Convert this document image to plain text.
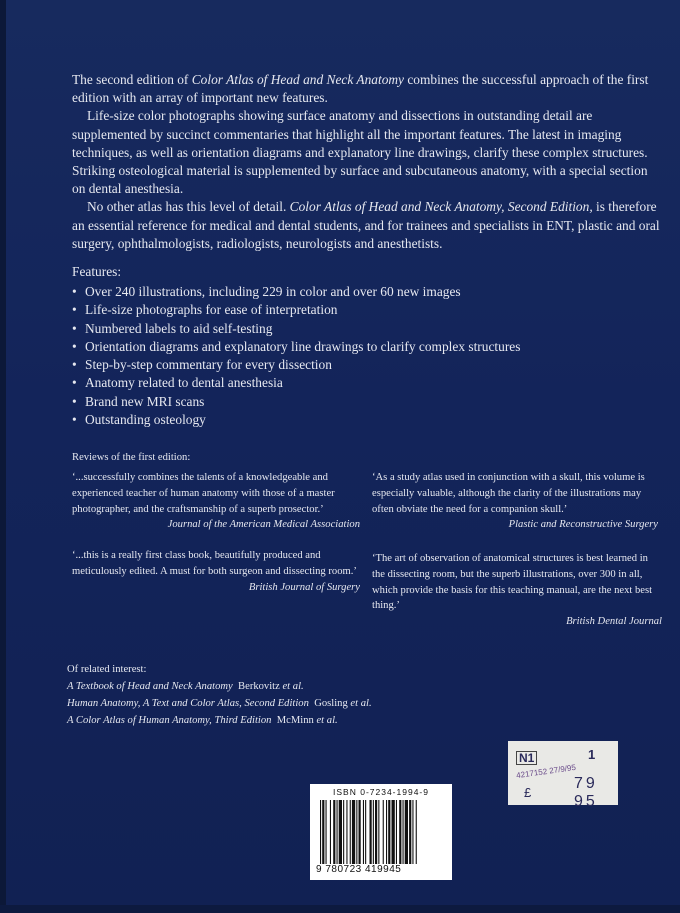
The second edition of Color Atlas of Head and Neck Anatomy combines the successful approach of the first edition with an array of important new features.

Life-size color photographs showing surface anatomy and dissections in outstanding detail are supplemented by succinct commentaries that highlight all the important features. The latest in imaging techniques, as well as orientation diagrams and explanatory line drawings, clarify these complex structures. Striking osteological material is supplemented by surface and subcutaneous anatomy, with a special section on dental anesthesia.

No other atlas has this level of detail. Color Atlas of Head and Neck Anatomy, Second Edition, is therefore an essential reference for medical and dental students, and for trainees and specialists in ENT, plastic and oral surgery, ophthalmologists, radiologists, neurologists and anesthetists.

Features:
• Over 240 illustrations, including 229 in color and over 60 new images
• Life-size photographs for ease of interpretation
• Numbered labels to aid self-testing
• Orientation diagrams and explanatory line drawings to clarify complex structures
• Step-by-step commentary for every dissection
• Anatomy related to dental anesthesia
• Brand new MRI scans
• Outstanding osteology
Reviews of the first edition:
‘...successfully combines the talents of a knowledgeable and experienced teacher of human anatomy with those of a master photographer, and the craftsmanship of a superb prosector.’
Journal of the American Medical Association
‘As a study atlas used in conjunction with a skull, this volume is especially valuable, although the clarity of the illustrations may often obviate the need for a companion skull.’
Plastic and Reconstructive Surgery
‘...this is a really first class book, beautifully produced and meticulously edited. A must for both surgeon and dissecting room.’
British Journal of Surgery
‘The art of observation of anatomical structures is best learned in the dissecting room, but the superb illustrations, over 300 in all, which provide the basis for this teaching manual, are the next best thing.’
British Dental Journal
Of related interest:
A Textbook of Head and Neck Anatomy Berkovitz et al.
Human Anatomy, A Text and Color Atlas, Second Edition Gosling et al.
A Color Atlas of Human Anatomy, Third Edition McMinn et al.
N1	1
4217152 27/9/95
£
79 95
ISBN 0-7234-1994-9
9 780723 419945
